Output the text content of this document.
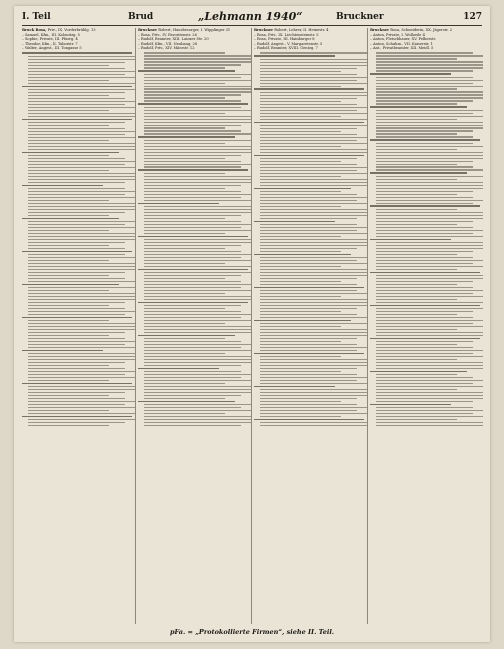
I. Teil	Brud	„Lehmann 1940“	Bruckner	127
Bruck Rosa, Priv., IX. Vorderbrühlg. 13
– Samuel, Kfm., III. Kolonitzg. 5
– Sophie, Private, III. Pfarrg. 4
– Theodor, Kfm., II. Taborstr. 7
– Walter, Angest., III. Tongasse 5
Bruckner Robert, Hausbesorger, I. Wipplinger 31
– Rosa, Priv., IV. Favoritenstr. 26
– Rudolf, Beamter, XIII. Lainzer Str. 20
– Rudolf, Kfm., VII. Neubaug. 28
– Rudolf, Priv., XIV. Märzstr. 12
Bruckner Robert, Lehrer, II. Heinestr. 4
– Rosa, Priv., IX. Liechtensteinstr. 5
– Rosa, Private, III. Hainburger 8
– Rudolf, Angest., V. Margaretenstr. 5
– Rudolf, Beamter, XVIII. Gentzg. 7
Bruckner Rosa, Schneiderin, XX. Jägerstr. 2
– Anton, Private, I. Wollzeile 4
– Anton, Fleischhauer, XV. Felberstr.
– Anton, Schuhm., VII. Kaiserstr. 1
– Ant., Privatbeamter, XII. Meidl. 5
pFa. = „Protokollierte Firmen“, siehe II. Teil.
